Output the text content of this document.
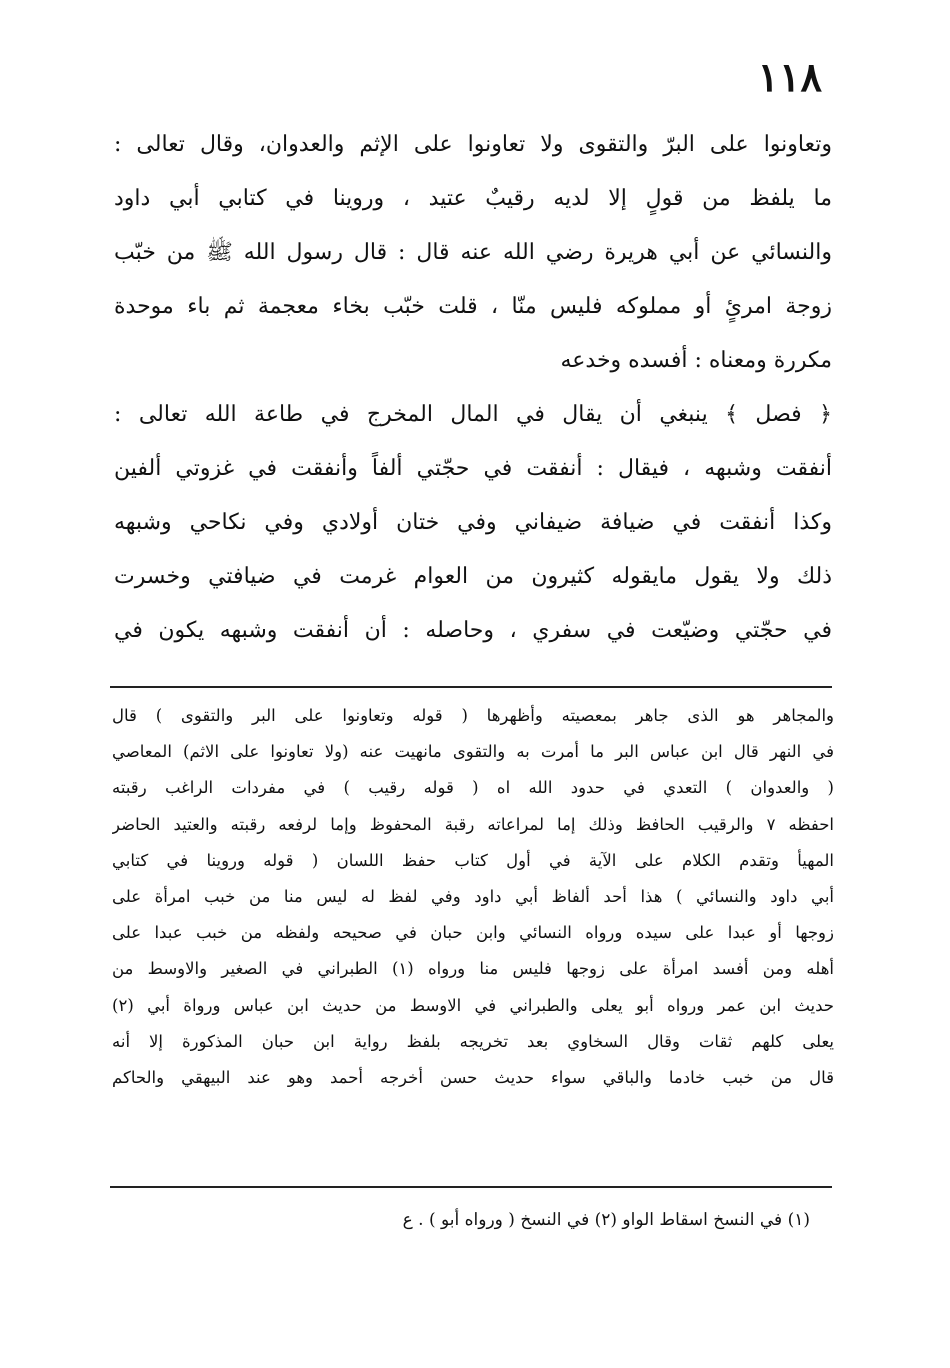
١١٨
وتعاونوا على البرّ والتقوى ولا تعاونوا على الإثم والعدوان، وقال تعالى :
ما يلفظ من قولٍ إلا لديه رقيبٌ عتيد ، وروينا في كتابي أبي داود
والنسائي عن أبي هريرة رضي الله عنه قال : قال رسول الله ﷺ من خبّب
زوجة امرئٍ أو مملوكه فليس منّا ، قلت خبّب بخاء معجمة ثم باء موحدة
مكررة ومعناه : أفسده وخدعه
﴿ فصل ﴾ ينبغي أن يقال في المال المخرج في طاعة الله تعالى :
أنفقت وشبهه ، فيقال : أنفقت في حجّتي ألفاً وأنفقت في غزوتي ألفين
وكذا أنفقت في ضيافة ضيفاني وفي ختان أولادي وفي نكاحي وشبهه
ذلك ولا يقول مايقوله كثيرون من العوام غرمت في ضيافتي وخسرت
في حجّتي وضيّعت في سفري ، وحاصله : أن أنفقت وشبهه يكون في
والمجاهر هو الذى جاهر بمعصيته وأظهرها ( قوله وتعاونوا على البر والتقوى ) قال
في النهر قال ابن عباس البر ما أمرت به والتقوى مانهيت عنه (ولا تعاونوا على الاثم) المعاصي
( والعدوان ) التعدي في حدود الله اه ( قوله رقيب ) في مفردات الراغب رقبته
احفظه ٧ والرقيب الحافظ وذلك إما لمراعاته رقبة المحفوظ وإما لرفعه رقبته والعتيد الحاضر
المهيأ وتقدم الكلام على الآية في أول كتاب حفظ اللسان ( قوله وروينا في كتابي
أبي داود والنسائي ) هذا أحد ألفاظ أبي داود وفي لفظ له ليس منا من خبب امرأة على
زوجها أو عبدا على سيده ورواه النسائي وابن حبان في صحيحه ولفظه من خبب عبدا على
أهله ومن أفسد امرأة على زوجها فليس منا ورواه (١) الطبراني في الصغير والاوسط من
حديث ابن عمر ورواه أبو يعلى والطبراني في الاوسط من حديث ابن عباس ورواة أبي (٢)
يعلى كلهم ثقات وقال السخاوي بعد تخريجه بلفظ رواية ابن حبان المذكورة إلا أنه
قال من خبب خادما والباقي سواء حديث حسن أخرجه أحمد وهو عند البيهقي والحاكم
(١) في النسخ اسقاط الواو (٢) في النسخ ( ورواه أبو ) . ع
